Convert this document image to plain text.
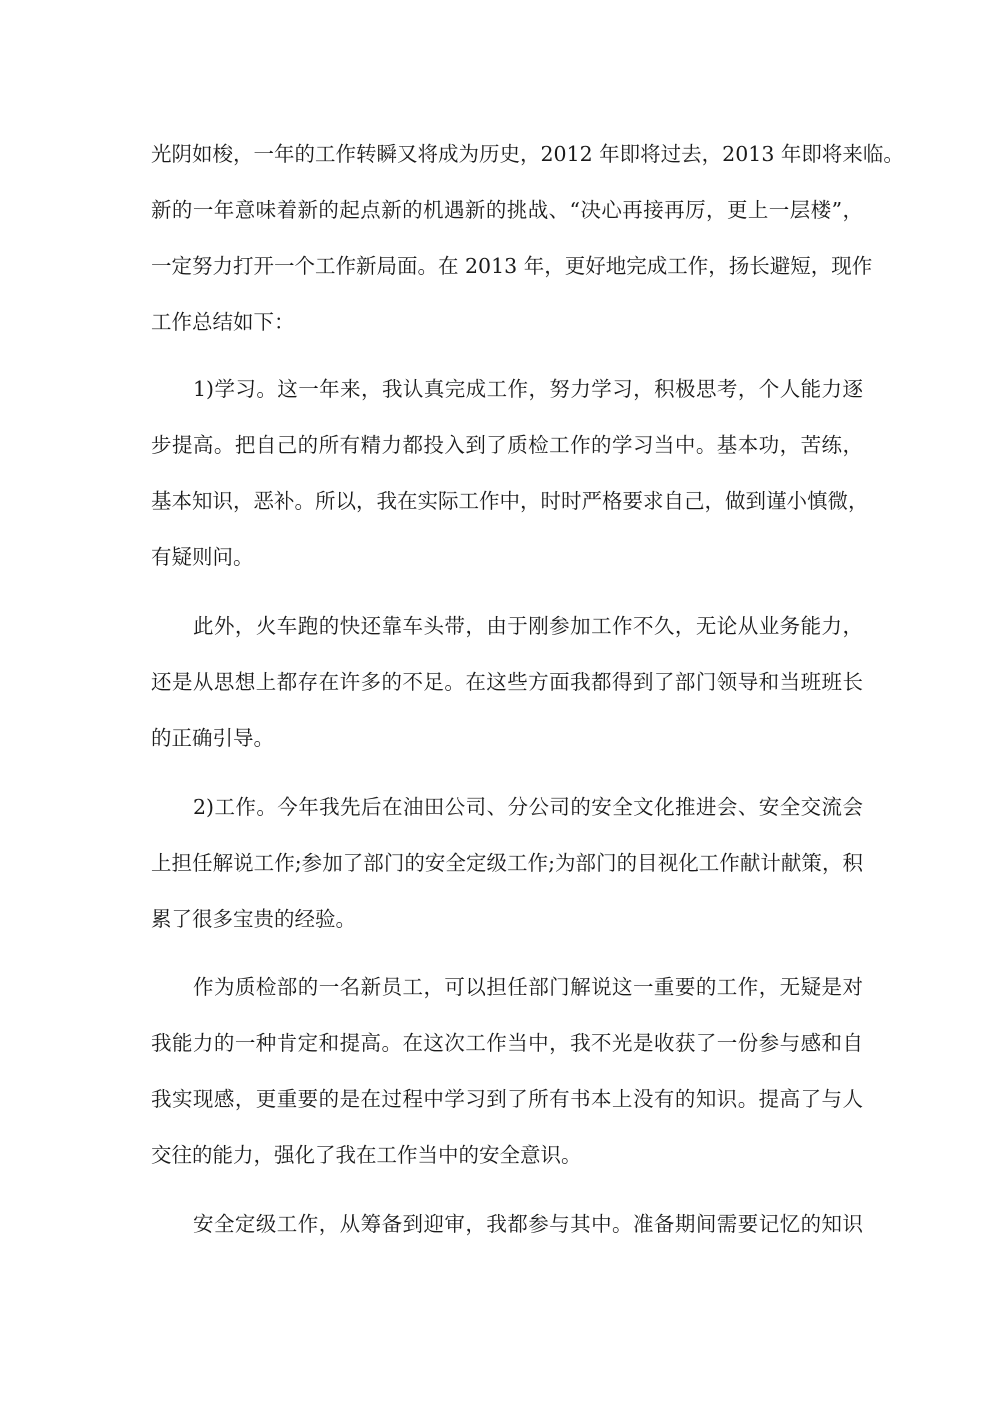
光阴如梭，一年的工作转瞬又将成为历史，2012 年即将过去，2013 年即将来临。
新的一年意味着新的起点新的机遇新的挑战、“决心再接再厉，更上一层楼”，
一定努力打开一个工作新局面。在 2013 年，更好地完成工作，扬长避短，现作
工作总结如下：
1)学习。这一年来，我认真完成工作，努力学习，积极思考，个人能力逐
步提高。把自己的所有精力都投入到了质检工作的学习当中。基本功，苦练，
基本知识，恶补。所以，我在实际工作中，时时严格要求自己，做到谨小慎微，
有疑则问。
此外，火车跑的快还靠车头带，由于刚参加工作不久，无论从业务能力，
还是从思想上都存在许多的不足。在这些方面我都得到了部门领导和当班班长
的正确引导。
2)工作。今年我先后在油田公司、分公司的安全文化推进会、安全交流会
上担任解说工作;参加了部门的安全定级工作;为部门的目视化工作献计献策，积
累了很多宝贵的经验。
作为质检部的一名新员工，可以担任部门解说这一重要的工作，无疑是对
我能力的一种肯定和提高。在这次工作当中，我不光是收获了一份参与感和自
我实现感，更重要的是在过程中学习到了所有书本上没有的知识。提高了与人
交往的能力，强化了我在工作当中的安全意识。
安全定级工作，从筹备到迎审，我都参与其中。准备期间需要记忆的知识
